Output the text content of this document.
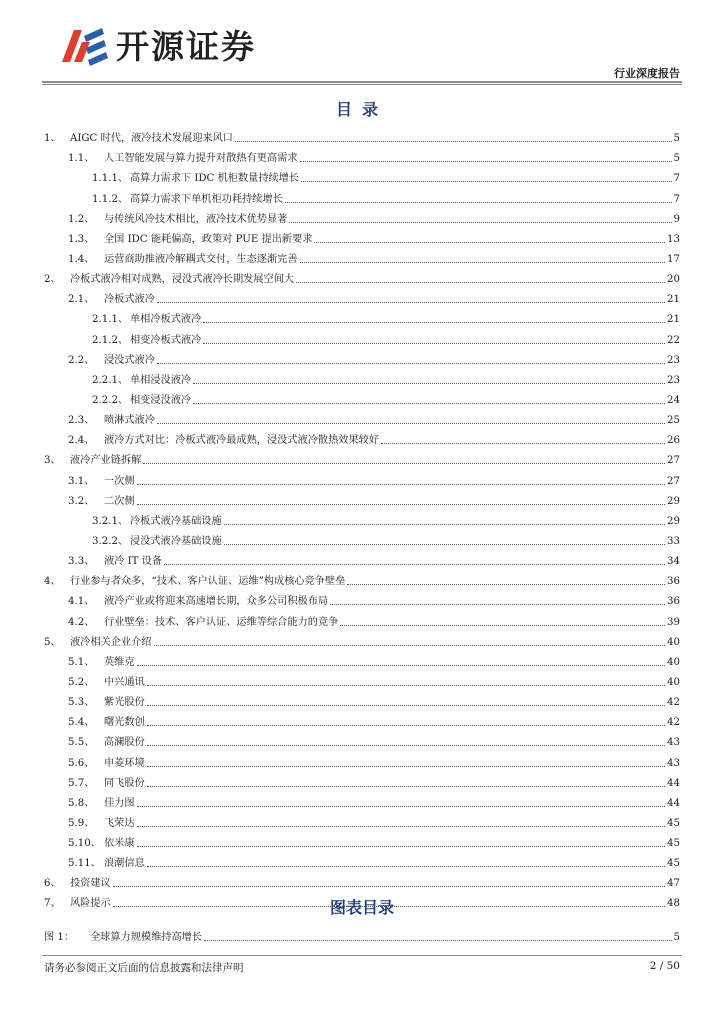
开源证券
行业深度报告
目录
1、 AIGC 时代，液冷技术发展迎来风口	5
1.1、 人工智能发展与算力提升对散热有更高需求	5
1.1.1、 高算力需求下 IDC 机柜数量持续增长	7
1.1.2、 高算力需求下单机柜功耗持续增长	7
1.2、 与传统风冷技术相比，液冷技术优势显著	9
1.3、 全国 IDC 能耗偏高，政策对 PUE 提出新要求	13
1.4、 运营商助推液冷解耦式交付，生态逐渐完善	17
2、 冷板式液冷相对成熟，浸没式液冷长期发展空间大	20
2.1、 冷板式液冷	21
2.1.1、 单相冷板式液冷	21
2.1.2、 相变冷板式液冷	22
2.2、 浸没式液冷	23
2.2.1、 单相浸没液冷	23
2.2.2、 相变浸没液冷	24
2.3、 喷淋式液冷	25
2.4、 液冷方式对比：冷板式液冷最成熟，浸没式液冷散热效果较好	26
3、 液冷产业链拆解	27
3.1、 一次侧	27
3.2、 二次侧	29
3.2.1、 冷板式液冷基础设施	29
3.2.2、 浸没式液冷基础设施	33
3.3、 液冷 IT 设备	34
4、 行业参与者众多，“技术、客户认证、运维”构成核心竞争壁垒	36
4.1、 液冷产业或将迎来高速增长期，众多公司积极布局	36
4.2、 行业壁垒：技术、客户认证、运维等综合能力的竞争	39
5、 液冷相关企业介绍	40
5.1、 英维克	40
5.2、 中兴通讯	40
5.3、 紫光股份	42
5.4、 曙光数创	42
5.5、 高澜股份	43
5.6、 申菱环境	43
5.7、 同飞股份	44
5.8、 佳力图	44
5.9、 飞荣达	45
5.10、 依米康	45
5.11、 浪潮信息	45
6、 投资建议	47
7、 风险提示	48
图表目录
图 1：	全球算力规模维持高增长	5
请务必参阅正文后面的信息披露和法律声明	2 / 50
